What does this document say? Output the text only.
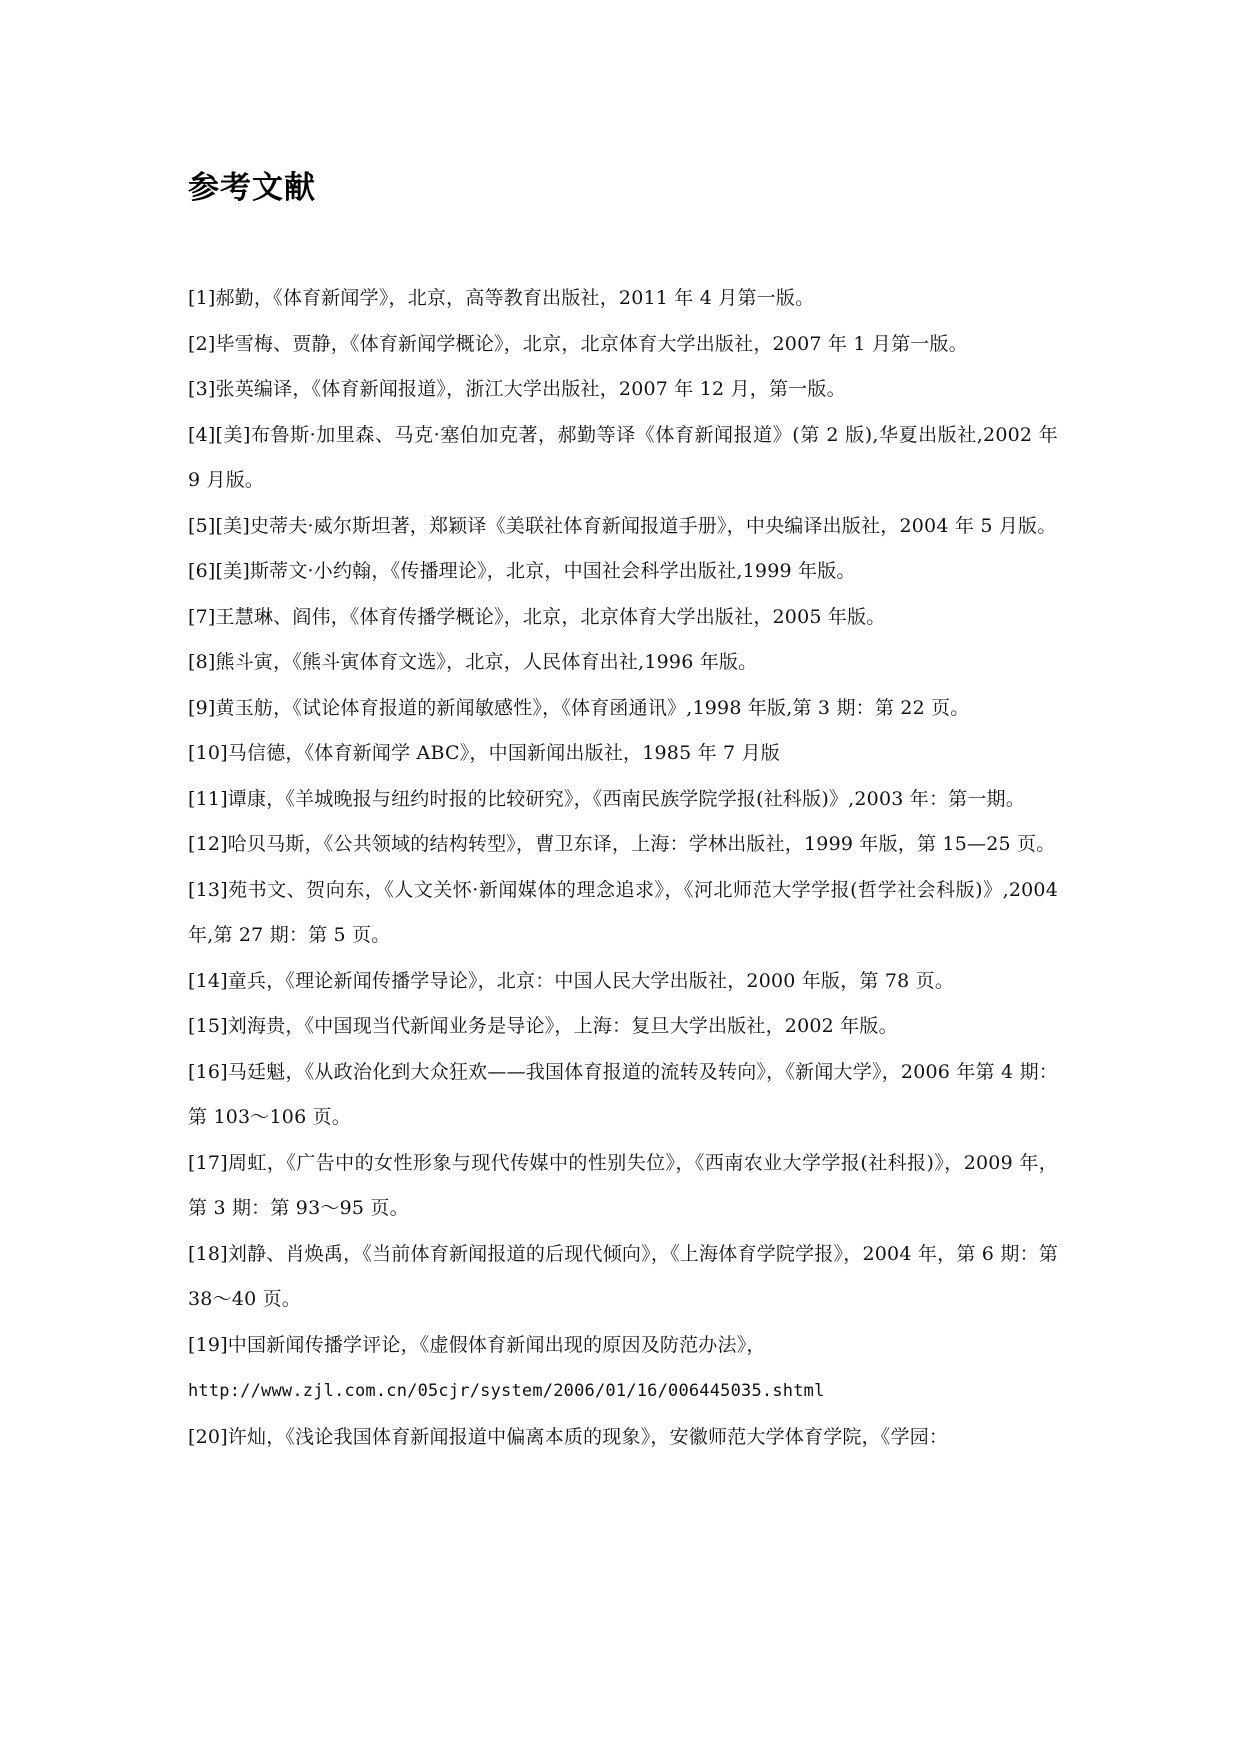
参考文献
[1]郝勤，《体育新闻学》，北京，高等教育出版社，2011 年 4 月第一版。
[2]毕雪梅、贾静，《体育新闻学概论》，北京，北京体育大学出版社，2007 年 1 月第一版。
[3]张英编译，《体育新闻报道》，浙江大学出版社，2007 年 12 月，第一版。
[4][美]布鲁斯·加里森、马克·塞伯加克著，郝勤等译《体育新闻报道》(第 2 版),华夏出版社,2002 年 9 月版。
[5][美]史蒂夫·威尔斯坦著，郑颖译《美联社体育新闻报道手册》，中央编译出版社，2004 年 5 月版。
[6][美]斯蒂文·小约翰，《传播理论》，北京，中国社会科学出版社,1999 年版。
[7]王慧琳、阎伟，《体育传播学概论》，北京，北京体育大学出版社，2005 年版。
[8]熊斗寅，《熊斗寅体育文选》，北京，人民体育出社,1996 年版。
[9]黄玉舫，《试论体育报道的新闻敏感性》，《体育函通讯》,1998 年版,第 3 期：第 22 页。
[10]马信德，《体育新闻学 ABC》，中国新闻出版社，1985 年 7 月版
[11]谭康，《羊城晚报与纽约时报的比较研究》，《西南民族学院学报(社科版)》,2003 年：第一期。
[12]哈贝马斯，《公共领域的结构转型》，曹卫东译，上海：学林出版社，1999 年版，第 15—25 页。
[13]苑书文、贺向东，《人文关怀·新闻媒体的理念追求》，《河北师范大学学报(哲学社会科版)》,2004 年,第 27 期：第 5 页。
[14]童兵，《理论新闻传播学导论》，北京：中国人民大学出版社，2000 年版，第 78 页。
[15]刘海贵，《中国现当代新闻业务是导论》，上海：复旦大学出版社，2002 年版。
[16]马廷魁，《从政治化到大众狂欢——我国体育报道的流转及转向》，《新闻大学》，2006 年第 4 期：第 103～106 页。
[17]周虹，《广告中的女性形象与现代传媒中的性别失位》，《西南农业大学学报(社科报)》，2009 年，第 3 期：第 93～95 页。
[18]刘静、肖焕禹，《当前体育新闻报道的后现代倾向》，《上海体育学院学报》，2004 年，第 6 期：第 38～40 页。
[19]中国新闻传播学评论，《虚假体育新闻出现的原因及防范办法》，
http://www.zjl.com.cn/05cjr/system/2006/01/16/006445035.shtml
[20]许灿，《浅论我国体育新闻报道中偏离本质的现象》，安徽师范大学体育学院，《学园：
